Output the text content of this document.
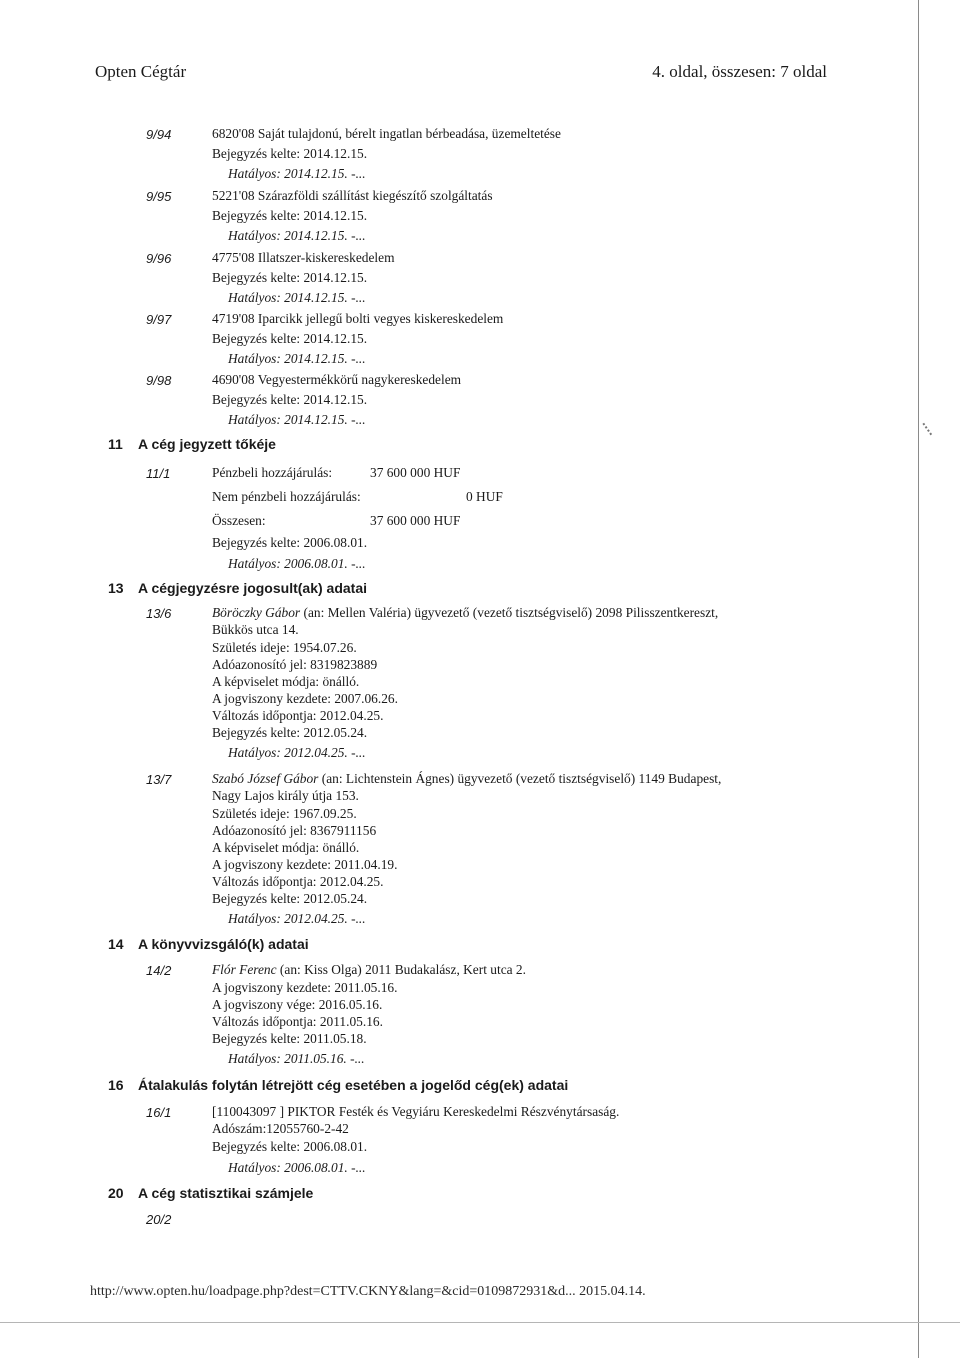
Opten Cégtár	4. oldal, összesen: 7 oldal
9/94	6820'08 Saját tulajdonú, bérelt ingatlan bérbeadása, üzemeltetése
Bejegyzés kelte: 2014.12.15.
Hatályos: 2014.12.15. -...
9/95	5221'08 Szárazföldi szállítást kiegészítő szolgáltatás
Bejegyzés kelte: 2014.12.15.
Hatályos: 2014.12.15. -...
9/96	4775'08 Illatszer-kiskereskedelem
Bejegyzés kelte: 2014.12.15.
Hatályos: 2014.12.15. -...
9/97	4719'08 Iparcikk jellegű bolti vegyes kiskereskedelem
Bejegyzés kelte: 2014.12.15.
Hatályos: 2014.12.15. -...
9/98	4690'08 Vegyestermékkörű nagykereskedelem
Bejegyzés kelte: 2014.12.15.
Hatályos: 2014.12.15. -...
11 A cég jegyzett tőkéje
11/1	Pénzbeli hozzájárulás:	37 600 000 HUF
Nem pénzbeli hozzájárulás:	0 HUF
Összesen:	37 600 000 HUF
Bejegyzés kelte: 2006.08.01.
Hatályos: 2006.08.01. -...
13 A cégjegyzésre jogosult(ak) adatai
13/6	Böröczky Gábor (an: Mellen Valéria) ügyvezető (vezető tisztségviselő) 2098 Pilisszentkereszt,
Bükkös utca 14.
Születés ideje: 1954.07.26.
Adóazonosító jel: 8319823889
A képviselet módja: önálló.
A jogviszony kezdete: 2007.06.26.
Változás időpontja: 2012.04.25.
Bejegyzés kelte: 2012.05.24.
Hatályos: 2012.04.25. -...
13/7	Szabó József Gábor (an: Lichtenstein Ágnes) ügyvezető (vezető tisztségviselő) 1149 Budapest,
Nagy Lajos király útja 153.
Születés ideje: 1967.09.25.
Adóazonosító jel: 8367911156
A képviselet módja: önálló.
A jogviszony kezdete: 2011.04.19.
Változás időpontja: 2012.04.25.
Bejegyzés kelte: 2012.05.24.
Hatályos: 2012.04.25. -...
14 A könyvvizsgáló(k) adatai
14/2	Flór Ferenc (an: Kiss Olga) 2011 Budakalász, Kert utca 2.
A jogviszony kezdete: 2011.05.16.
A jogviszony vége: 2016.05.16.
Változás időpontja: 2011.05.16.
Bejegyzés kelte: 2011.05.18.
Hatályos: 2011.05.16. -...
16 Átalakulás folytán létrejött cég esetében a jogelőd cég(ek) adatai
16/1	[110043097 ] PIKTOR Festék és Vegyiáru Kereskedelmi Részvénytársaság.
Adószám:12055760-2-42
Bejegyzés kelte: 2006.08.01.
Hatályos: 2006.08.01. -...
20 A cég statisztikai számjele
20/2
http://www.opten.hu/loadpage.php?dest=CTTV.CKNY&lang=&cid=0109872931&d... 2015.04.14.
